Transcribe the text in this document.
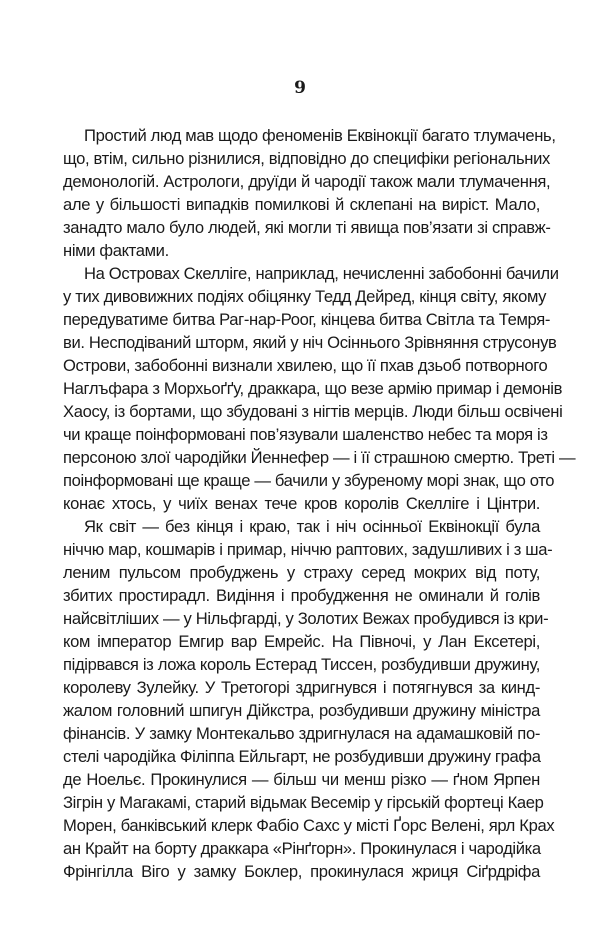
9
Простий люд мав щодо феноменів Еквінокції багато тлумачень,
що, втім, сильно різнилися, відповідно до специфіки регіональних
демонологій. Астрологи, друїди й чародії також мали тлумачення,
але у більшості випадків помилкові й склепані на виріст. Мало,
занадто мало було людей, які могли ті явища пов’язати зі справж-
німи фактами.
На Островах Скелліге, наприклад, нечисленні забобонні бачили
у тих дивовижних подіях обіцянку Тедд Дейред, кінця світу, якому
передуватиме битва Раг-нар-Роог, кінцева битва Світла та Темря-
ви. Несподіваний шторм, який у ніч Осіннього Зрівняння струсонув
Острови, забобонні визнали хвилею, що її пхав дзьоб потворного
Наглъфара з Морхьоґґу, драккара, що везе армію примар і демонів
Хаосу, із бортами, що збудовані з нігтів мерців. Люди більш освічені
чи краще поінформовані пов’язували шаленство небес та моря із
персоною злої чародійки Йеннефер — і її страшною смертю. Треті —
поінформовані ще краще — бачили у збуреному морі знак, що ото
конає хтось, у чиїх венах тече кров королів Скелліге і Цінтри.
Як світ — без кінця і краю, так і ніч осінньої Еквінокції була
ніччю мар, кошмарів і примар, ніччю раптових, задушливих і з ша-
леним пульсом пробуджень у страху серед мокрих від поту,
збитих простирадл. Видіння і пробудження не оминали й голів
найсвітліших — у Нільфгарді, у Золотих Вежах пробудився із кри-
ком імператор Емгир вар Емрейс. На Півночі, у Лан Ексетері,
підірвався із ложа король Естерад Тиссен, розбудивши дружину,
королеву Зулейку. У Третогорі здригнувся і потягнувся за кинд-
жалом головний шпигун Дійкстра, розбудивши дружину міністра
фінансів. У замку Монтекальво здригнулася на адамашковій по-
стелі чародійка Філіппа Ейльгарт, не розбудивши дружину графа
де Ноельє. Прокинулися — більш чи менш різко — ґном Ярпен
Зігрін у Магакамі, старий відьмак Весемір у гірській фортеці Каер
Морен, банківський клерк Фабіо Сахс у місті Ґорс Велені, ярл Крах
ан Крайт на борту драккара «Рінґгорн». Прокинулася і чародійка
Фрінгілла Віго у замку Боклер, прокинулася жриця Сіґрдріфа
